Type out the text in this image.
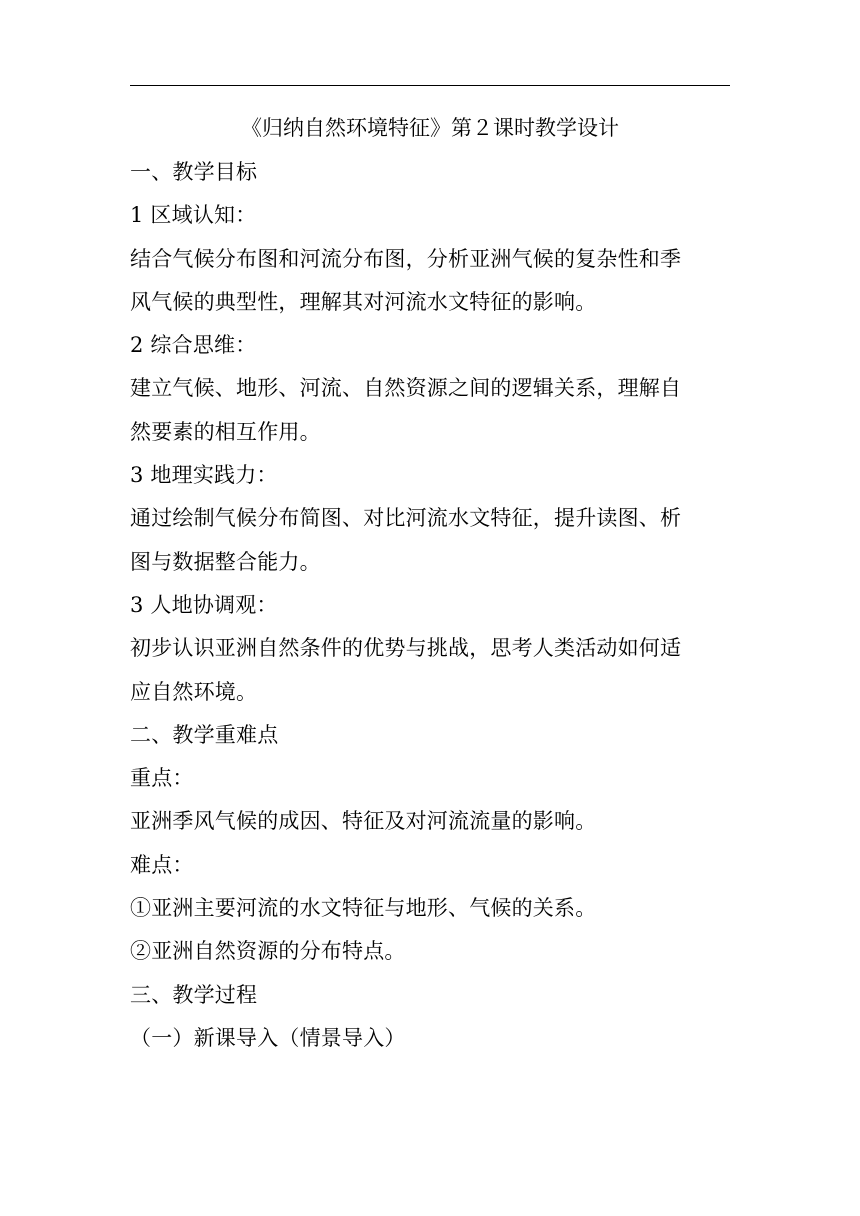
《归纳自然环境特征》第２课时教学设计
一、教学目标
1 区域认知：
结合气候分布图和河流分布图，分析亚洲气候的复杂性和季
风气候的典型性，理解其对河流水文特征的影响。
2 综合思维：
建立气候、地形、河流、自然资源之间的逻辑关系，理解自
然要素的相互作用。
3 地理实践力：
通过绘制气候分布简图、对比河流水文特征，提升读图、析
图与数据整合能力。
3 人地协调观：
初步认识亚洲自然条件的优势与挑战，思考人类活动如何适
应自然环境。
二、教学重难点
重点：
亚洲季风气候的成因、特征及对河流流量的影响。
难点：
①亚洲主要河流的水文特征与地形、气候的关系。
②亚洲自然资源的分布特点。
三、教学过程
（一）新课导入（情景导入）
